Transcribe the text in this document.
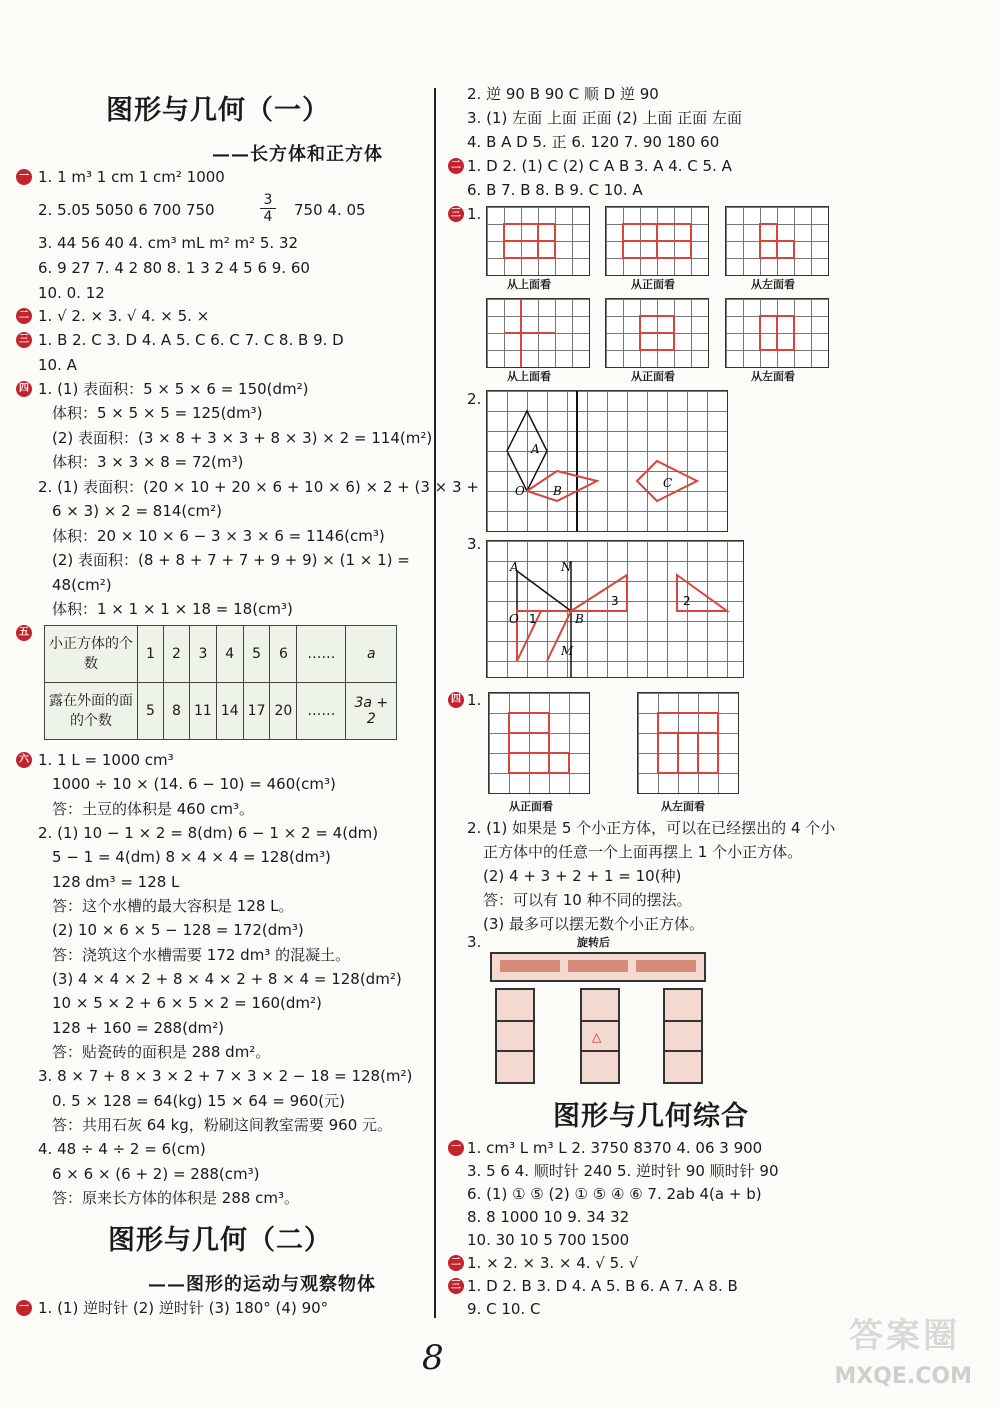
图形与几何（一）
——长方体和正方体
一 1. 1 m³ 1 cm 1 cm² 1000
2. 5.05 5050 6 700 750	$\frac{3}{4} 750$ 4. 05
3. 44 56 40 4. cm³ mL m² m² 5. 32
6. 9 27 7. 4 2 80 8. 1 3 2 4 5 6 9. 60
10. 0. 12
二 1. √ 2. × 3. √ 4. × 5. ×
三 1. B 2. C 3. D 4. A 5. C 6. C 7. C 8. B 9. D
10. A
四 1. (1) 表面积：5 × 5 × 6 = 150(dm²)
体积：5 × 5 × 5 = 125(dm³)
(2) 表面积：(3 × 8 + 3 × 3 + 8 × 3) × 2 = 114(m²)
体积：3 × 3 × 8 = 72(m³)
2. (1) 表面积：(20 × 10 + 20 × 6 + 10 × 6) × 2 + (3 × 3 +
6 × 3) × 2 = 814(cm²)
体积：20 × 10 × 6 − 3 × 3 × 6 = 1146(cm³)
(2) 表面积：(8 + 8 + 7 + 7 + 9 + 9) × (1 × 1) =
48(cm²)
体积：1 × 1 × 1 × 18 = 18(cm³)
五
小正方体的个数	1	2	3	4	5	6	……	a
露在外面的面的个数	5	8	11	14	17	20	……	3a + 2
六 1. 1 L = 1000 cm³
1000 ÷ 10 × (14. 6 − 10) = 460(cm³)
答：土豆的体积是 460 cm³。
2. (1) 10 − 1 × 2 = 8(dm) 6 − 1 × 2 = 4(dm)
5 − 1 = 4(dm) 8 × 4 × 4 = 128(dm³)
128 dm³ = 128 L
答：这个水槽的最大容积是 128 L。
(2) 10 × 6 × 5 − 128 = 172(dm³)
答：浇筑这个水槽需要 172 dm³ 的混凝土。
(3) 4 × 4 × 2 + 8 × 4 × 2 + 8 × 4 = 128(dm²)
10 × 5 × 2 + 6 × 5 × 2 = 160(dm²)
128 + 160 = 288(dm²)
答：贴瓷砖的面积是 288 dm²。
3. 8 × 7 + 8 × 3 × 2 + 7 × 3 × 2 − 18 = 128(m²)
0. 5 × 128 = 64(kg) 15 × 64 = 960(元)
答：共用石灰 64 kg，粉刷这间教室需要 960 元。
4. 48 ÷ 4 ÷ 2 = 6(cm)
6 × 6 × (6 + 2) = 288(cm³)
答：原来长方体的体积是 288 cm³。
图形与几何（二）
——图形的运动与观察物体
一 1. (1) 逆时针 (2) 逆时针 (3) 180° (4) 90°
2. 逆 90 B 90 C 顺 D 逆 90
3. (1) 左面 上面 正面 (2) 上面 正面 左面
4. B A D 5. 正 6. 120 7. 90 180 60
二 1. D 2. (1) C (2) C A B 3. A 4. C 5. A
6. B 7. B 8. B 9. C 10. A
三 1.
从上面看	从正面看	从左面看
从上面看	从正面看	从左面看
2.
A
O B
C
3.
A	N
O 1	B
3	2
M
四 1.
从正面看	从左面看
2. (1) 如果是 5 个小正方体，可以在已经摆出的 4 个小
正方体中的任意一个上面再摆上 1 个小正方体。
(2) 4 + 3 + 2 + 1 = 10(种)
答：可以有 10 种不同的摆法。
(3) 最多可以摆无数个小正方体。
3.	旋转后
△
图形与几何综合
一 1. cm³ L m³ L 2. 3750 8370 4. 06 3 900
3. 5 6 4. 顺时针 240 5. 逆时针 90 顺时针 90
6. (1) ① ⑤ (2) ① ⑤ ④ ⑥ 7. 2ab 4(a + b)
8. 8 1000 10 9. 34 32
10. 30 10 5 700 1500
二 1. × 2. × 3. × 4. √ 5. √
三 1. D 2. B 3. D 4. A 5. B 6. A 7. A 8. B
9. C 10. C
8
答案圈
MXQE.COM
